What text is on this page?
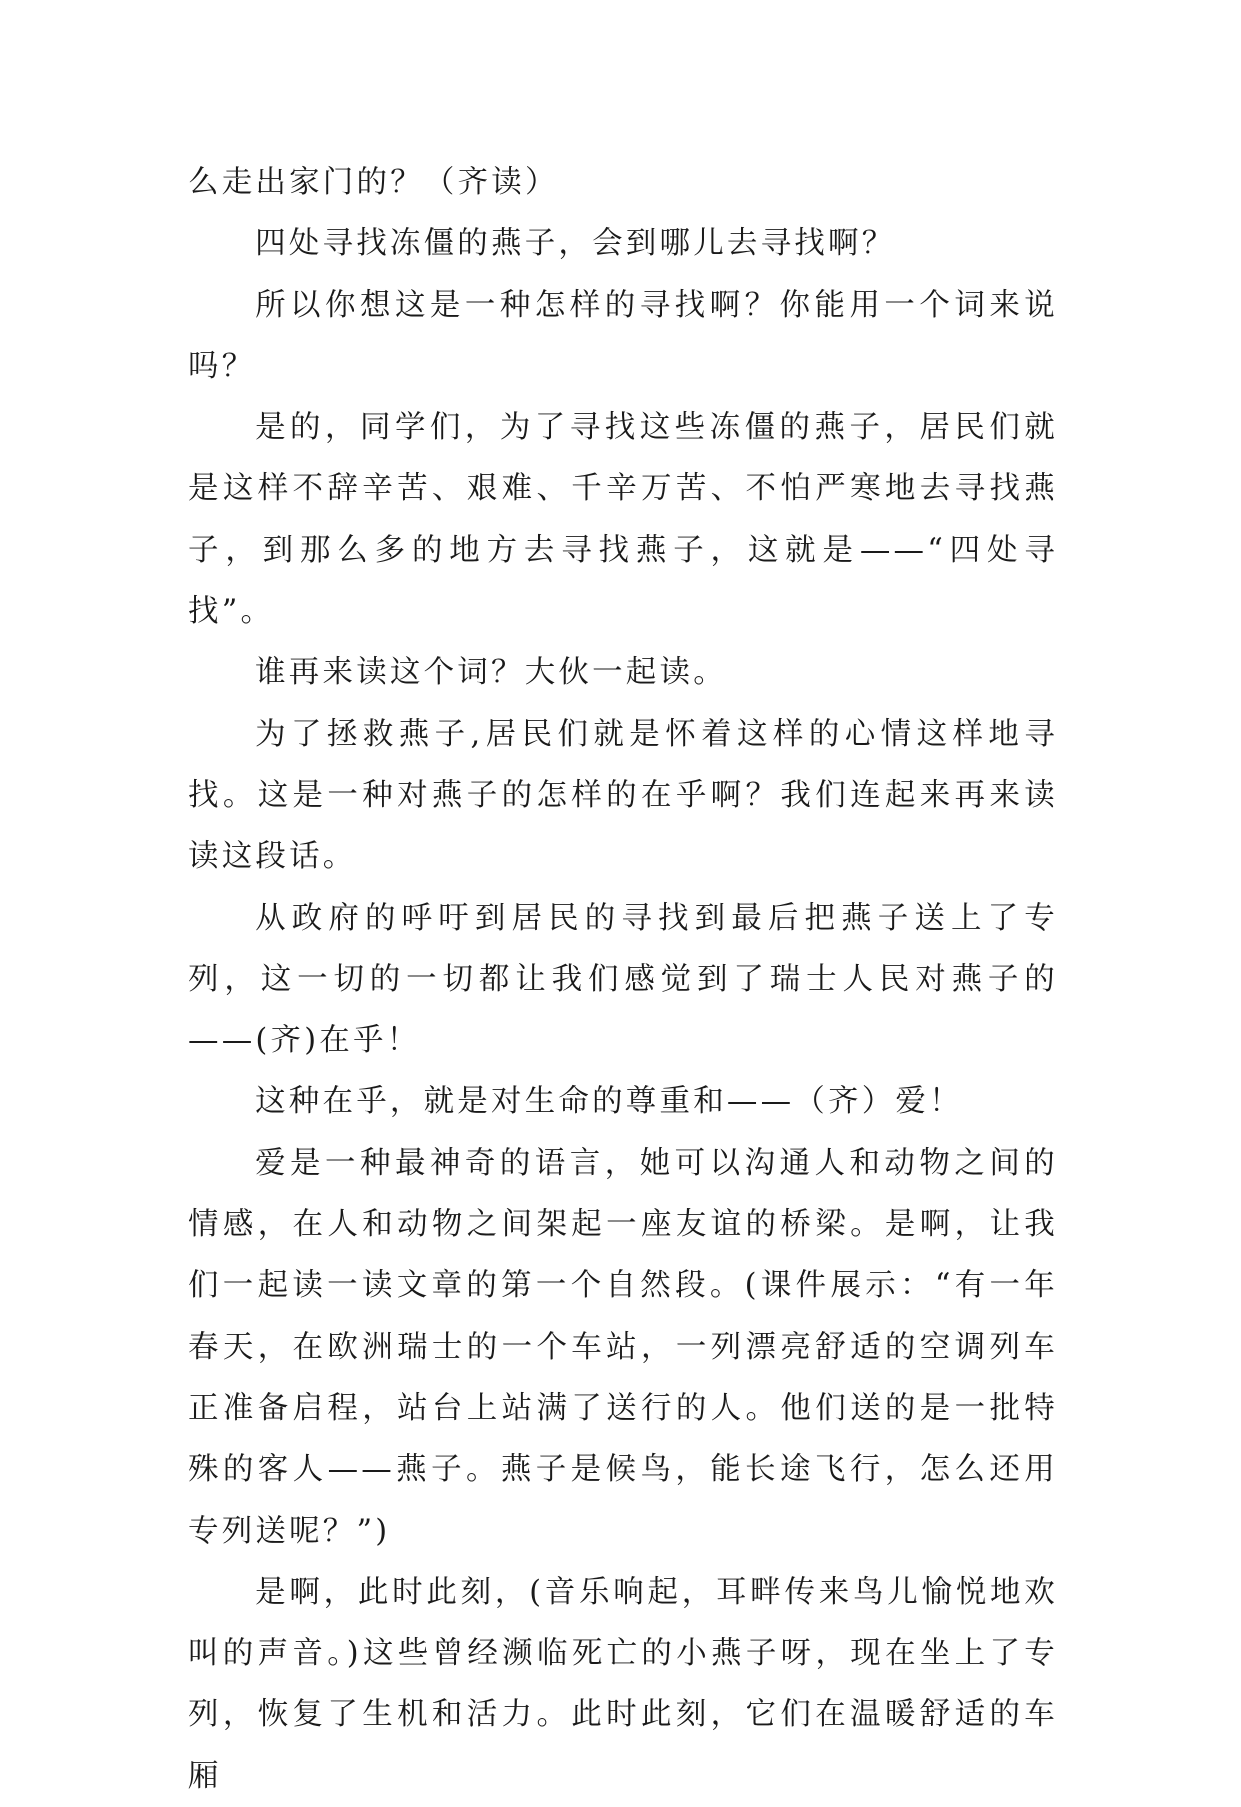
么走出家门的？（齐读）

四处寻找冻僵的燕子，会到哪儿去寻找啊？

所以你想这是一种怎样的寻找啊？你能用一个词来说吗？

是的，同学们，为了寻找这些冻僵的燕子，居民们就是这样不辞辛苦、艰难、千辛万苦、不怕严寒地去寻找燕子，到那么多的地方去寻找燕子，这就是——“四处寻找”。

谁再来读这个词？大伙一起读。

为了拯救燕子,居民们就是怀着这样的心情这样地寻找。这是一种对燕子的怎样的在乎啊？我们连起来再来读读这段话。

从政府的呼吁到居民的寻找到最后把燕子送上了专列，这一切的一切都让我们感觉到了瑞士人民对燕子的——(齐)在乎！

这种在乎，就是对生命的尊重和——（齐）爱！

爱是一种最神奇的语言，她可以沟通人和动物之间的情感，在人和动物之间架起一座友谊的桥梁。是啊，让我们一起读一读文章的第一个自然段。(课件展示：“有一年春天，在欧洲瑞士的一个车站，一列漂亮舒适的空调列车正准备启程，站台上站满了送行的人。他们送的是一批特殊的客人——燕子。燕子是候鸟，能长途飞行，怎么还用专列送呢？”)

是啊，此时此刻，(音乐响起，耳畔传来鸟儿愉悦地欢叫的声音。)这些曾经濒临死亡的小燕子呀，现在坐上了专列，恢复了生机和活力。此时此刻，它们在温暖舒适的车厢
